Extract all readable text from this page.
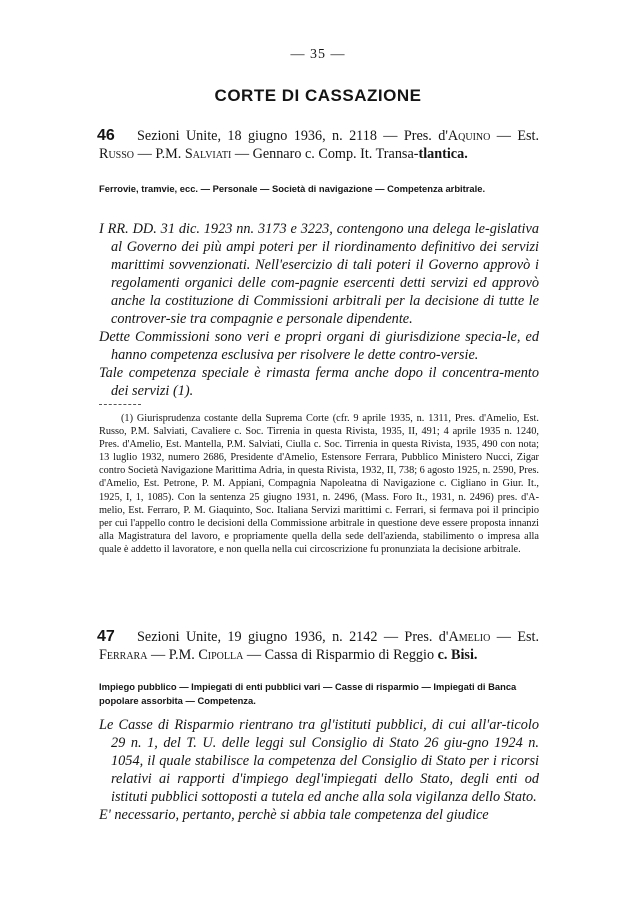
— 35 —
CORTE DI CASSAZIONE
46	Sezioni Unite, 18 giugno 1936, n. 2118 — Pres. d'Aquino — Est. Russo — P.M. Salviati — Gennaro c. Comp. It. Transa-tlantica.
Ferrovie, tramvie, ecc. — Personale — Società di navigazione — Competenza arbitrale.

I RR. DD. 31 dic. 1923 nn. 3173 e 3223, contengono una delega le-gislativa al Governo dei più ampi poteri per il riordinamento definitivo dei servizi marittimi sovvenzionati. Nell'esercizio di tali poteri il Governo approvò i regolamenti organici delle com-pagnie esercenti detti servizi ed approvò anche la costituzione di Commissioni arbitrali per la decisione di tutte le controver-sie tra compagnie e personale dipendente.

Dette Commissioni sono veri e propri organi di giurisdizione specia-le, ed hanno competenza esclusiva per risolvere le dette contro-versie.

Tale competenza speciale è rimasta ferma anche dopo il concentra-mento dei servizi (1).

(1) Giurisprudenza costante della Suprema Corte (cfr. 9 aprile 1935, n. 1311, Pres. d'Amelio, Est. Russo, P.M. Salviati, Cavaliere c. Soc. Tirrenia in questa Rivista, 1935, II, 491; 4 aprile 1935 n. 1240, Pres. d'Amelio, Est. Mantella, P.M. Salviati, Ciulla c. Soc. Tirrenia in questa Rivista, 1935, 490 con nota; 13 luglio 1932, numero 2686, Presidente d'Amelio, Estensore Ferrara, Pubblico Ministero Nucci, Zigar contro Società Navigazione Marittima Adria, in questa Rivista, 1932, II, 738; 6 agosto 1925, n. 2590, Pres. d'Amelio, Est. Petrone, P. M. Appiani, Compagnia Napoleatna di Navigazione c. Cigliano in Giur. It., 1925, I, 1, 1085). Con la sentenza 25 giugno 1931, n. 2496, (Mass. Foro It., 1931, n. 2496) pres. d'A-melio, Est. Ferraro, P. M. Giaquinto, Soc. Italiana Servizi marittimi c. Ferrari, si fermava poi il principio per cui l'appello contro le decisioni della Commissione arbitrale in questione deve essere proposta innanzi alla Magistratura del lavoro, e propriamente quella della sede dell'azienda, stabilimento o impresa alla quale è addetto il lavoratore, e non quella nella cui circoscrizione fu pronunziata la decisione arbitrale.

47	Sezioni Unite, 19 giugno 1936, n. 2142 — Pres. d'Amelio — Est. Ferrara — P.M. Cipolla — Cassa di Risparmio di Reggio c. Bisi.
Impiego pubblico — Impiegati di enti pubblici vari — Casse di risparmio — Impiegati di Banca popolare assorbita — Competenza.

Le Casse di Risparmio rientrano tra gl'istituti pubblici, di cui all'ar-ticolo 29 n. 1, del T. U. delle leggi sul Consiglio di Stato 26 giu-gno 1924 n. 1054, il quale stabilisce la competenza del Consiglio di Stato per i ricorsi relativi ai rapporti d'impiego degl'impiegati dello Stato, degli enti od istituti pubblici sottoposti a tutela ed anche alla sola vigilanza dello Stato.

E' necessario, pertanto, perchè si abbia tale competenza del giudice
